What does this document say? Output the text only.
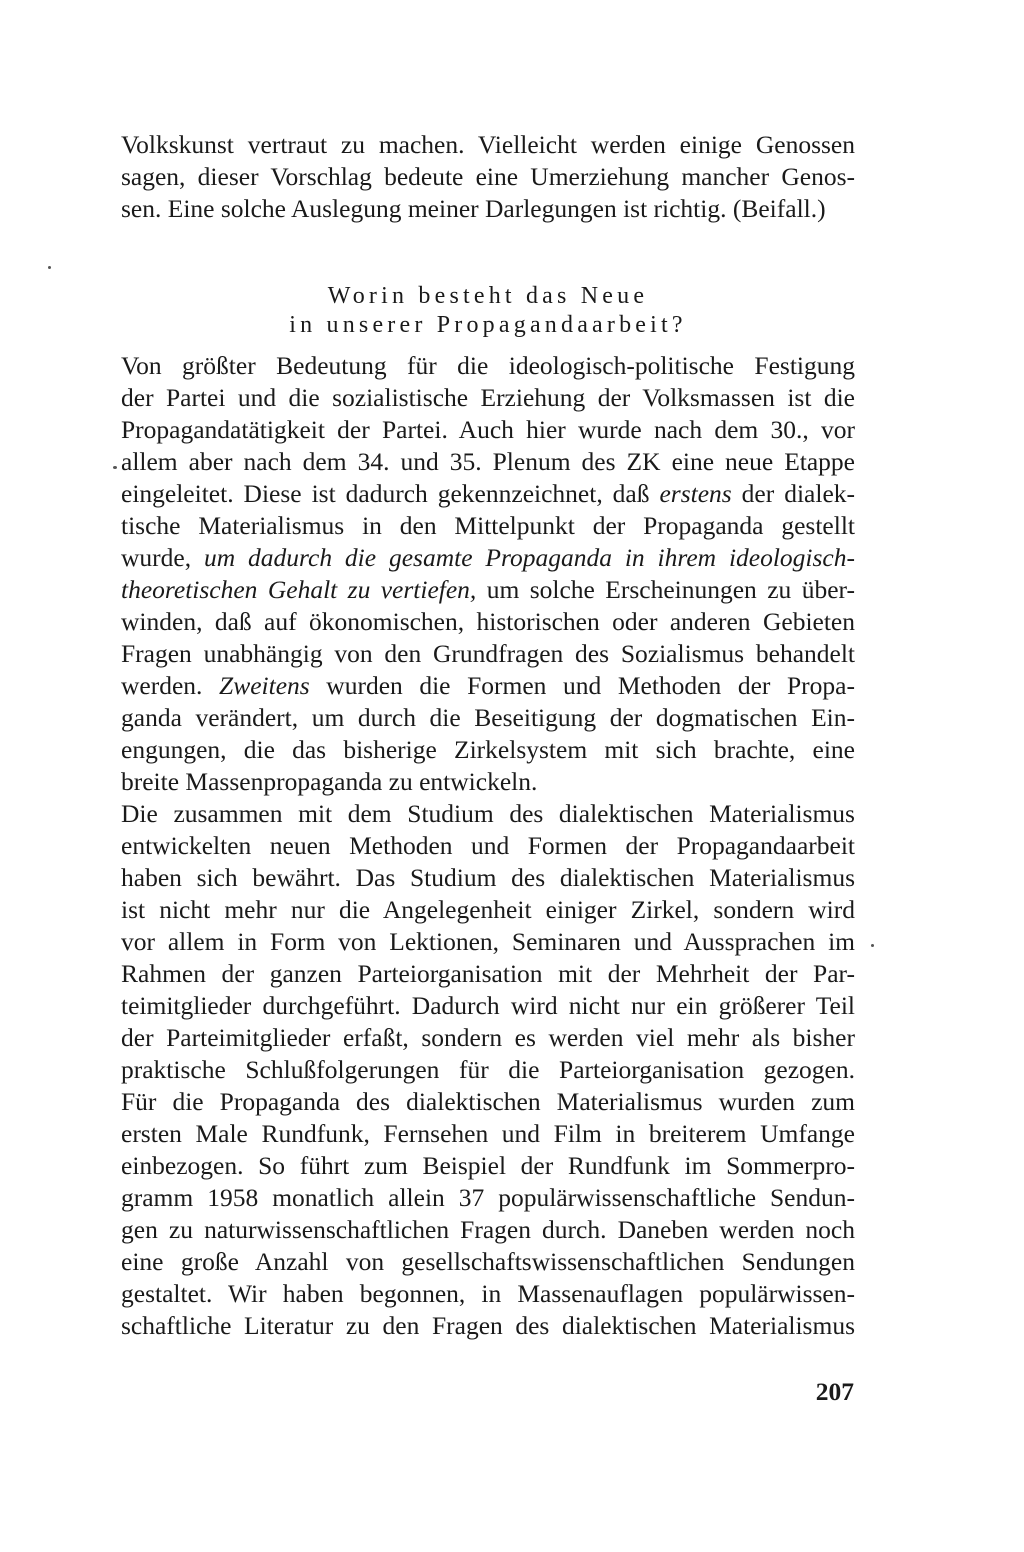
Volkskunst vertraut zu machen. Vielleicht werden einige Genossen
sagen, dieser Vorschlag bedeute eine Umerziehung mancher Genos-
sen. Eine solche Auslegung meiner Darlegungen ist richtig. (Beifall.)
Worin besteht das Neue
in unserer Propagandaarbeit?
Von größter Bedeutung für die ideologisch-politische Festigung
der Partei und die sozialistische Erziehung der Volksmassen ist die
Propagandatätigkeit der Partei. Auch hier wurde nach dem 30., vor
allem aber nach dem 34. und 35. Plenum des ZK eine neue Etappe
eingeleitet. Diese ist dadurch gekennzeichnet, daß erstens der dialek-
tische Materialismus in den Mittelpunkt der Propaganda gestellt
wurde, um dadurch die gesamte Propaganda in ihrem ideologisch-
theoretischen Gehalt zu vertiefen, um solche Erscheinungen zu über-
winden, daß auf ökonomischen, historischen oder anderen Gebieten
Fragen unabhängig von den Grundfragen des Sozialismus behandelt
werden. Zweitens wurden die Formen und Methoden der Propa-
ganda verändert, um durch die Beseitigung der dogmatischen Ein-
engungen, die das bisherige Zirkelsystem mit sich brachte, eine
breite Massenpropaganda zu entwickeln.
Die zusammen mit dem Studium des dialektischen Materialismus
entwickelten neuen Methoden und Formen der Propagandaarbeit
haben sich bewährt. Das Studium des dialektischen Materialismus
ist nicht mehr nur die Angelegenheit einiger Zirkel, sondern wird
vor allem in Form von Lektionen, Seminaren und Aussprachen im
Rahmen der ganzen Parteiorganisation mit der Mehrheit der Par-
teimitglieder durchgeführt. Dadurch wird nicht nur ein größerer Teil
der Parteimitglieder erfaßt, sondern es werden viel mehr als bisher
praktische Schlußfolgerungen für die Parteiorganisation gezogen.
Für die Propaganda des dialektischen Materialismus wurden zum
ersten Male Rundfunk, Fernsehen und Film in breiterem Umfange
einbezogen. So führt zum Beispiel der Rundfunk im Sommerpro-
gramm 1958 monatlich allein 37 populärwissenschaftliche Sendun-
gen zu naturwissenschaftlichen Fragen durch. Daneben werden noch
eine große Anzahl von gesellschaftswissenschaftlichen Sendungen
gestaltet. Wir haben begonnen, in Massenauflagen populärwissen-
schaftliche Literatur zu den Fragen des dialektischen Materialismus
207
